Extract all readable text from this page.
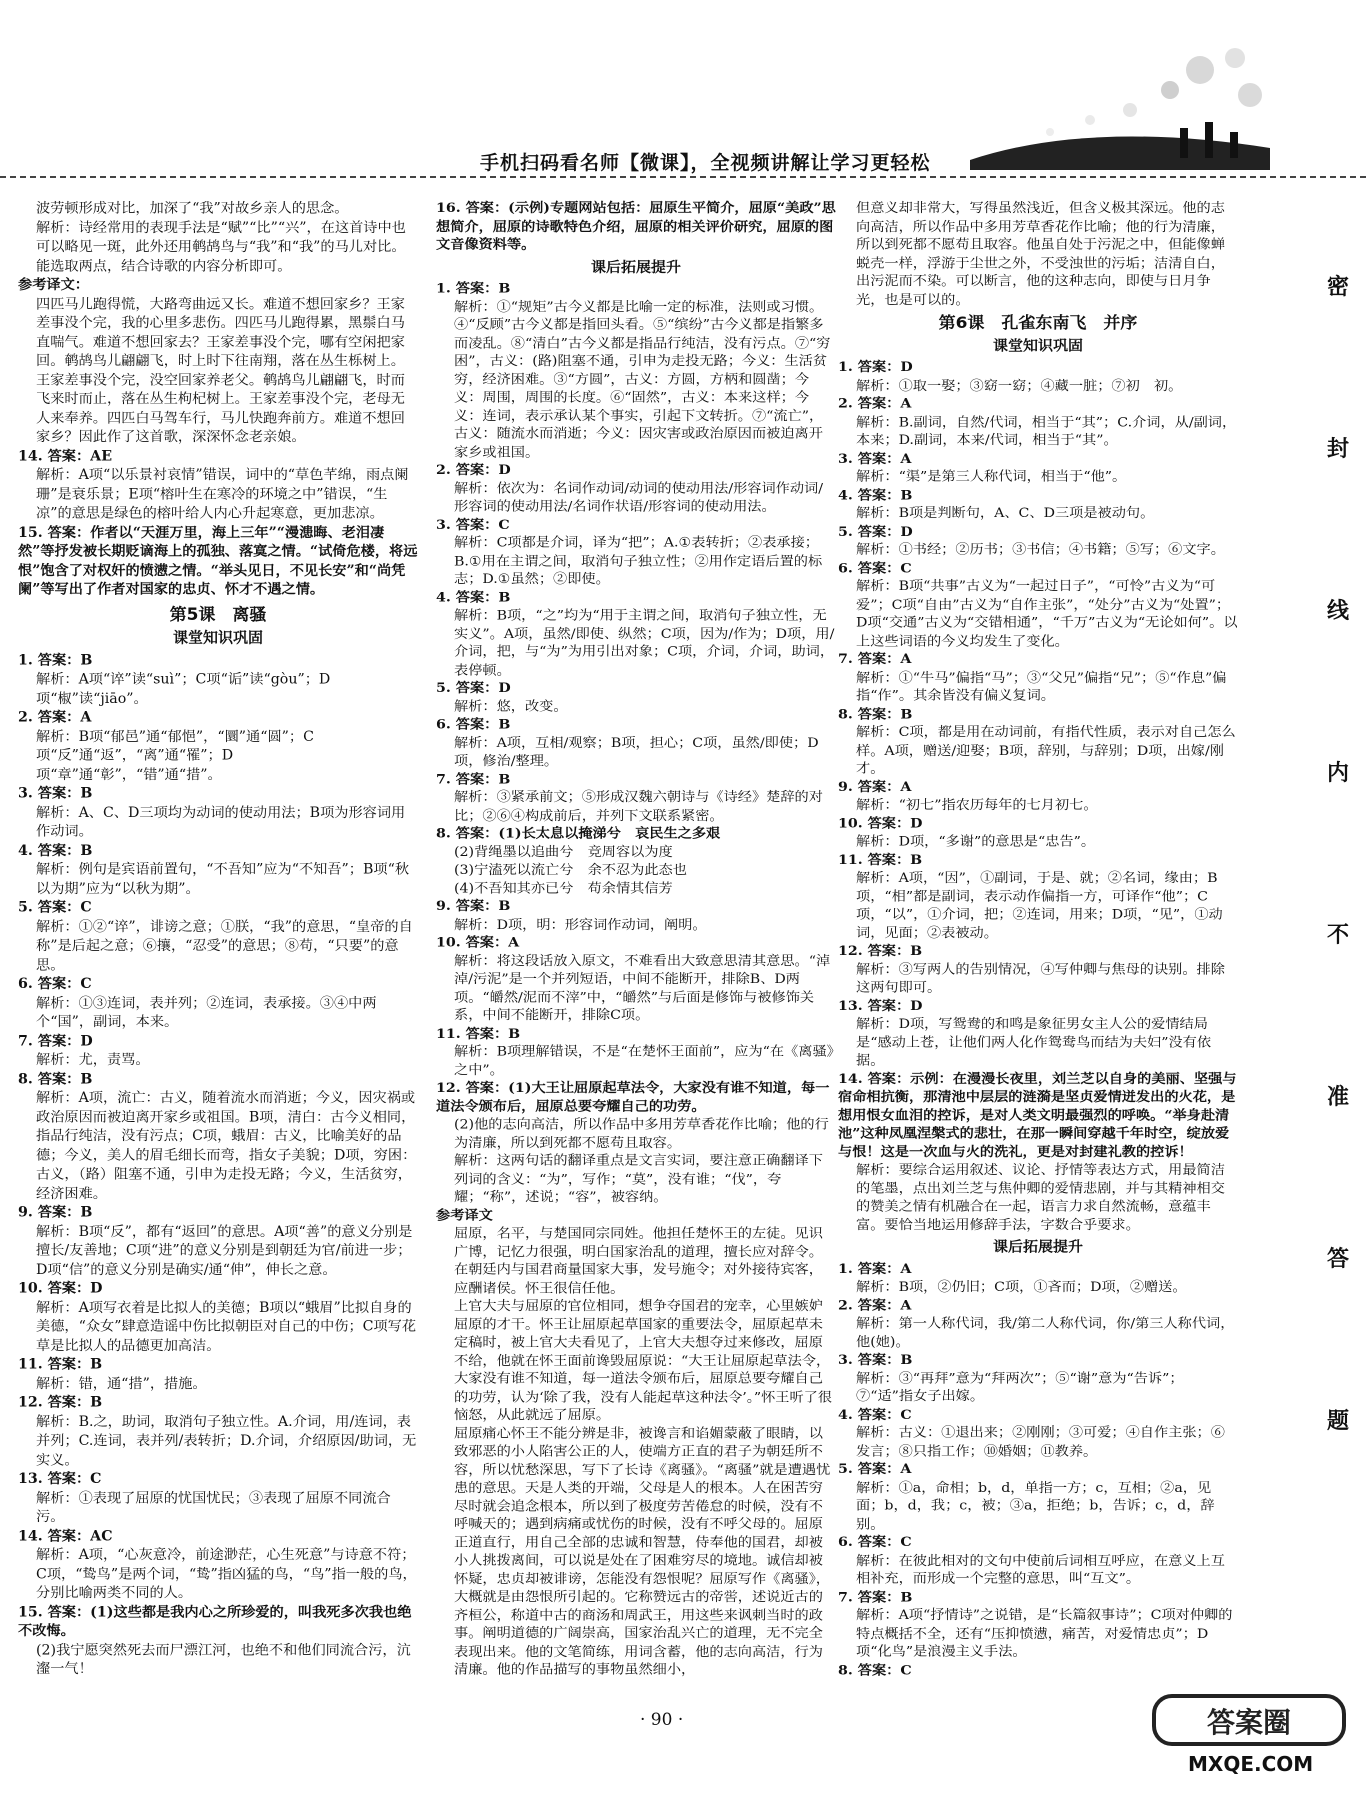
手机扫码看名师【微课】，全视频讲解让学习更轻松

波劳顿形成对比，加深了“我”对故乡亲人的思念。

解析：诗经常用的表现手法是“赋”“比”“兴”，在这首诗中也可以略见一斑，此外还用鹌鸪鸟与“我”和“我”的马儿对比。能选取两点，结合诗歌的内容分析即可。

参考译文：

四匹马儿跑得慌，大路弯曲远又长。难道不想回家乡？王家差事没个完，我的心里多悲伤。四匹马儿跑得累，黑鬃白马直喘气。难道不想回家去？王家差事没个完，哪有空闲把家回。鹌鸪鸟儿翩翩飞，时上时下往南翔，落在丛生栎树上。王家差事没个完，没空回家养老父。鹌鸪鸟儿翩翩飞，时而飞来时而止，落在丛生枸杞树上。王家差事没个完，老母无人来奉养。四匹白马驾车行，马儿快跑奔前方。难道不想回家乡？因此作了这首歌，深深怀念老亲娘。

14. 答案：AE

解析：A项“以乐景衬哀情”错误，词中的“草色芊绵，雨点阑珊”是衰乐景；E项“榕叶生在寒冷的环境之中”错误，“生凉”的意思是绿色的榕叶给人内心升起寒意，更加悲凉。

15. 答案：作者以“天涯万里，海上三年”“漫漶晦、老泪凄然”等抒发被长期贬谪海上的孤独、落寞之情。“试倚危楼，将远恨”饱含了对权奸的愤懑之情。“举头见日，不见长安”和“尚凭阑”等写出了作者对国家的忠贞、怀才不遇之情。

第5课　离骚

课堂知识巩固

1. 答案：B

解析：A项“谇”读“suì”；C项“诟”读“gòu”；D项“椒”读“jiāo”。

2. 答案：A

解析：B项“郁邑”通“郁悒”，“圜”通“圆”；C项“反”通“返”，“离”通“罹”；D项“章”通“彰”，“错”通“措”。

3. 答案：B

解析：A、C、D三项均为动词的使动用法；B项为形容词用作动词。

4. 答案：B

解析：例句是宾语前置句，“不吾知”应为“不知吾”；B项“秋以为期”应为“以秋为期”。

5. 答案：C

解析：①②“谇”，诽谤之意；①朕，“我”的意思，“皇帝的自称”是后起之意；⑥攘，“忍受”的意思；⑧苟，“只要”的意思。

6. 答案：C

解析：①③连词，表并列；②连词，表承接。③④中两个“国”，副词，本来。

7. 答案：D

解析：尤，责骂。

8. 答案：B

解析：A项，流亡：古义，随着流水而消逝；今义，因灾祸或政治原因而被迫离开家乡或祖国。B项，清白：古今义相同，指品行纯洁，没有污点；C项，蛾眉：古义，比喻美好的品德；今义，美人的眉毛细长而弯，指女子美貌；D项，穷困：古义，（路）阻塞不通，引申为走投无路；今义，生活贫穷，经济困难。

9. 答案：B

解析：B项“反”，都有“返回”的意思。A项“善”的意义分别是擅长/友善地；C项“进”的意义分别是到朝廷为官/前进一步；D项“信”的意义分别是确实/通“伸”，伸长之意。

10. 答案：D

解析：A项写衣着是比拟人的美德；B项以“蛾眉”比拟自身的美德，“众女”肆意造谣中伤比拟朝臣对自己的中伤；C项写花草是比拟人的品德更加高洁。

11. 答案：B

解析：错，通“措”，措施。

12. 答案：B

解析：B.之，助词，取消句子独立性。A.介词，用/连词，表并列；C.连词，表并列/表转折；D.介词，介绍原因/助词，无实义。

13. 答案：C

解析：①表现了屈原的忧国忧民；③表现了屈原不同流合污。

14. 答案：AC

解析：A项，“心灰意冷，前途渺茫，心生死意”与诗意不符；C项，“鸷鸟”是两个词，“鸷”指凶猛的鸟，“鸟”指一般的鸟，分别比喻两类不同的人。

15. 答案：(1)这些都是我内心之所珍爱的，叫我死多次我也绝不改悔。

(2)我宁愿突然死去而尸漂江河，也绝不和他们同流合污，沆瀣一气！

16. 答案：(示例)专题网站包括：屈原生平简介，屈原“美政”思想简介，屈原的诗歌特色介绍，屈原的相关评价研究，屈原的图文音像资料等。

课后拓展提升

1. 答案：B

解析：①“规矩”古今义都是比喻一定的标准，法则或习惯。④“反顾”古今义都是指回头看。⑤“缤纷”古今义都是指繁多而凌乱。⑧“清白”古今义都是指品行纯洁，没有污点。⑦“穷困”，古义：(路)阻塞不通，引申为走投无路；今义：生活贫穷，经济困难。③“方圆”，古义：方圆，方柄和圆凿；今义：周围，周围的长度。⑥“固然”，古义：本来这样；今义：连词，表示承认某个事实，引起下文转折。⑦“流亡”，古义：随流水而消逝；今义：因灾害或政治原因而被迫离开家乡或祖国。

2. 答案：D

解析：依次为：名词作动词/动词的使动用法/形容词作动词/形容词的使动用法/名词作状语/形容词的使动用法。

3. 答案：C

解析：C项都是介词，译为“把”；A.①表转折；②表承接；B.①用在主谓之间，取消句子独立性；②用作定语后置的标志；D.①虽然；②即使。

4. 答案：B

解析：B项，“之”均为“用于主谓之间，取消句子独立性，无实义”。A项，虽然/即使、纵然；C项，因为/作为；D项，用/介词，把，与“为”为用引出对象；C项，介词，介词，助词，表停顿。

5. 答案：D

解析：悠，改变。

6. 答案：B

解析：A项，互相/观察；B项，担心；C项，虽然/即使；D项，修治/整理。

7. 答案：B

解析：③紧承前文；⑤形成汉魏六朝诗与《诗经》楚辞的对比；②⑥④构成前后，并列下文联系紧密。

8. 答案：(1)长太息以掩涕兮　哀民生之多艰

(2)背绳墨以追曲兮　竞周容以为度

(3)宁溘死以流亡兮　余不忍为此态也

(4)不吾知其亦已兮　苟余情其信芳

9. 答案：B

解析：D项，明：形容词作动词，阐明。

10. 答案：A

解析：将这段话放入原文，不难看出大致意思清其意思。“淖淖/污泥”是一个并列短语，中间不能断开，排除B、D两项。“皭然/泥而不滓”中，“皭然”与后面是修饰与被修饰关系，中间不能断开，排除C项。

11. 答案：B

解析：B项理解错误，不是“在楚怀王面前”，应为“在《离骚》之中”。

12. 答案：(1)大王让屈原起草法令，大家没有谁不知道，每一道法令颁布后，屈原总要夸耀自己的功劳。

(2)他的志向高洁，所以作品中多用芳草香花作比喻；他的行为清廉，所以到死都不愿苟且取容。

解析：这两句话的翻译重点是文言实词，要注意正确翻译下列词的含义：“为”，写作；“莫”，没有谁；“伐”，夸耀；“称”，述说；“容”，被容纳。

参考译文

屈原，名平，与楚国同宗同姓。他担任楚怀王的左徒。见识广博，记忆力很强，明白国家治乱的道理，擅长应对辞令。在朝廷内与国君商量国家大事，发号施令；对外接待宾客，应酬诸侯。怀王很信任他。

上官大夫与屈原的官位相同，想争夺国君的宠幸，心里嫉妒屈原的才干。怀王让屈原起草国家的重要法令，屈原起草未定稿时，被上官大夫看见了，上官大夫想夺过来修改，屈原不给，他就在怀王面前谗毁屈原说：“大王让屈原起草法令，大家没有谁不知道，每一道法令颁布后，屈原总要夸耀自己的功劳，认为‘除了我，没有人能起草这种法令’。”怀王听了很恼怒，从此就远了屈原。

屈原痛心怀王不能分辨是非，被谗言和谄媚蒙蔽了眼睛，以致邪恶的小人陷害公正的人，使端方正直的君子为朝廷所不容，所以忧愁深思，写下了长诗《离骚》。“离骚”就是遭遇忧患的意思。天是人类的开端，父母是人的根本。人在困苦穷尽时就会追念根本，所以到了极度劳苦倦怠的时候，没有不呼喊天的；遇到病痛或忧伤的时候，没有不呼父母的。屈原正道直行，用自己全部的忠诚和智慧，侍奉他的国君，却被小人挑拨离间，可以说是处在了困难穷尽的境地。诚信却被怀疑，忠贞却被诽谤，怎能没有怨恨呢？屈原写作《离骚》，大概就是由怨恨所引起的。它称赞远古的帝喾，述说近古的齐桓公，称道中古的商汤和周武王，用这些来讽刺当时的政事。阐明道德的广阔崇高，国家治乱兴亡的道理，无不完全表现出来。他的文笔简练，用词含蓄，他的志向高洁，行为清廉。他的作品描写的事物虽然细小，

但意义却非常大，写得虽然浅近，但含义极其深远。他的志向高洁，所以作品中多用芳草香花作比喻；他的行为清廉，所以到死都不愿苟且取容。他虽自处于污泥之中，但能像蝉蜕壳一样，浮游于尘世之外，不受浊世的污垢；洁清自白，出污泥而不染。可以断言，他的这种志向，即使与日月争光，也是可以的。

第6课　孔雀东南飞　并序

课堂知识巩固

1. 答案：D

解析：①取一娶；③窈一窈；④藏一脏；⑦初　初。

2. 答案：A

解析：B.副词，自然/代词，相当于“其”；C.介词，从/副词，本来；D.副词，本来/代词，相当于“其”。

3. 答案：A

解析：“渠”是第三人称代词，相当于“他”。

4. 答案：B

解析：B项是判断句，A、C、D三项是被动句。

5. 答案：D

解析：①书经；②历书；③书信；④书籍；⑤写；⑥文字。

6. 答案：C

解析：B项“共事”古义为“一起过日子”，“可怜”古义为“可爱”；C项“自由”古义为“自作主张”，“处分”古义为“处置”；D项“交通”古义为“交错相通”，“千万”古义为“无论如何”。以上这些词语的今义均发生了变化。

7. 答案：A

解析：①“牛马”偏指“马”；③“父兄”偏指“兄”；⑤“作息”偏指“作”。其余皆没有偏义复词。

8. 答案：B

解析：C项，都是用在动词前，有指代性质，表示对自己怎么样。A项，赠送/迎娶；B项，辞别，与辞别；D项，出嫁/刚才。

9. 答案：A

解析：“初七”指农历每年的七月初七。

10. 答案：D

解析：D项，“多谢”的意思是“忠告”。

11. 答案：B

解析：A项，“因”，①副词，于是、就；②名词，缘由；B项，“相”都是副词，表示动作偏指一方，可译作“他”；C项，“以”，①介词，把；②连词，用来；D项，“见”，①动词，见面；②表被动。

12. 答案：B

解析：③写两人的告别情况，④写仲卿与焦母的诀别。排除这两句即可。

13. 答案：D

解析：D项，写鸳鸯的和鸣是象征男女主人公的爱情结局是“感动上苍，让他们两人化作鸳鸯鸟而结为夫妇”没有依据。

14. 答案：示例：在漫漫长夜里，刘兰芝以自身的美丽、坚强与宿命相抗衡，那清池中层层的涟漪是坚贞爱情迸发出的火花，是想用恨女血泪的控诉，是对人类文明最强烈的呼唤。“举身赴清池”这种凤凰涅槃式的悲壮，在那一瞬间穿越千年时空，绽放爱与恨！这是一次血与火的洗礼，更是对封建礼教的控诉！

解析：要综合运用叙述、议论、抒情等表达方式，用最简洁的笔墨，点出刘兰芝与焦仲卿的爱情悲剧，并与其精神相交的赞美之情有机融合在一起，语言力求自然流畅，意蕴丰富。要恰当地运用修辞手法，字数合乎要求。

课后拓展提升

1. 答案：A

解析：B项，②仍旧；C项，①吝而；D项，②赠送。

2. 答案：A

解析：第一人称代词，我/第二人称代词，你/第三人称代词，他(她)。

3. 答案：B

解析：③“再拜”意为“拜两次”；⑤“谢”意为“告诉”；⑦“适”指女子出嫁。

4. 答案：C

解析：古义：①退出来；②刚刚；③可爱；④自作主张；⑥发言；⑧只指工作；⑩婚姻；⑪教养。

5. 答案：A

解析：①a，命相；b，d，单指一方；c，互相；②a，见面；b，d，我；c，被；③a，拒绝；b，告诉；c，d，辞别。

6. 答案：C

解析：在彼此相对的文句中使前后词相互呼应，在意义上互相补充，而形成一个完整的意思，叫“互文”。

7. 答案：B

解析：A项“抒情诗”之说错，是“长篇叙事诗”；C项对仲卿的特点概括不全，还有“压抑愤懑，痛苦，对爱情忠贞”；D项“化鸟”是浪漫主义手法。

8. 答案：C

密
封
线
内
不
准
答
题
· 90 ·	答案圈
MXQE.COM
